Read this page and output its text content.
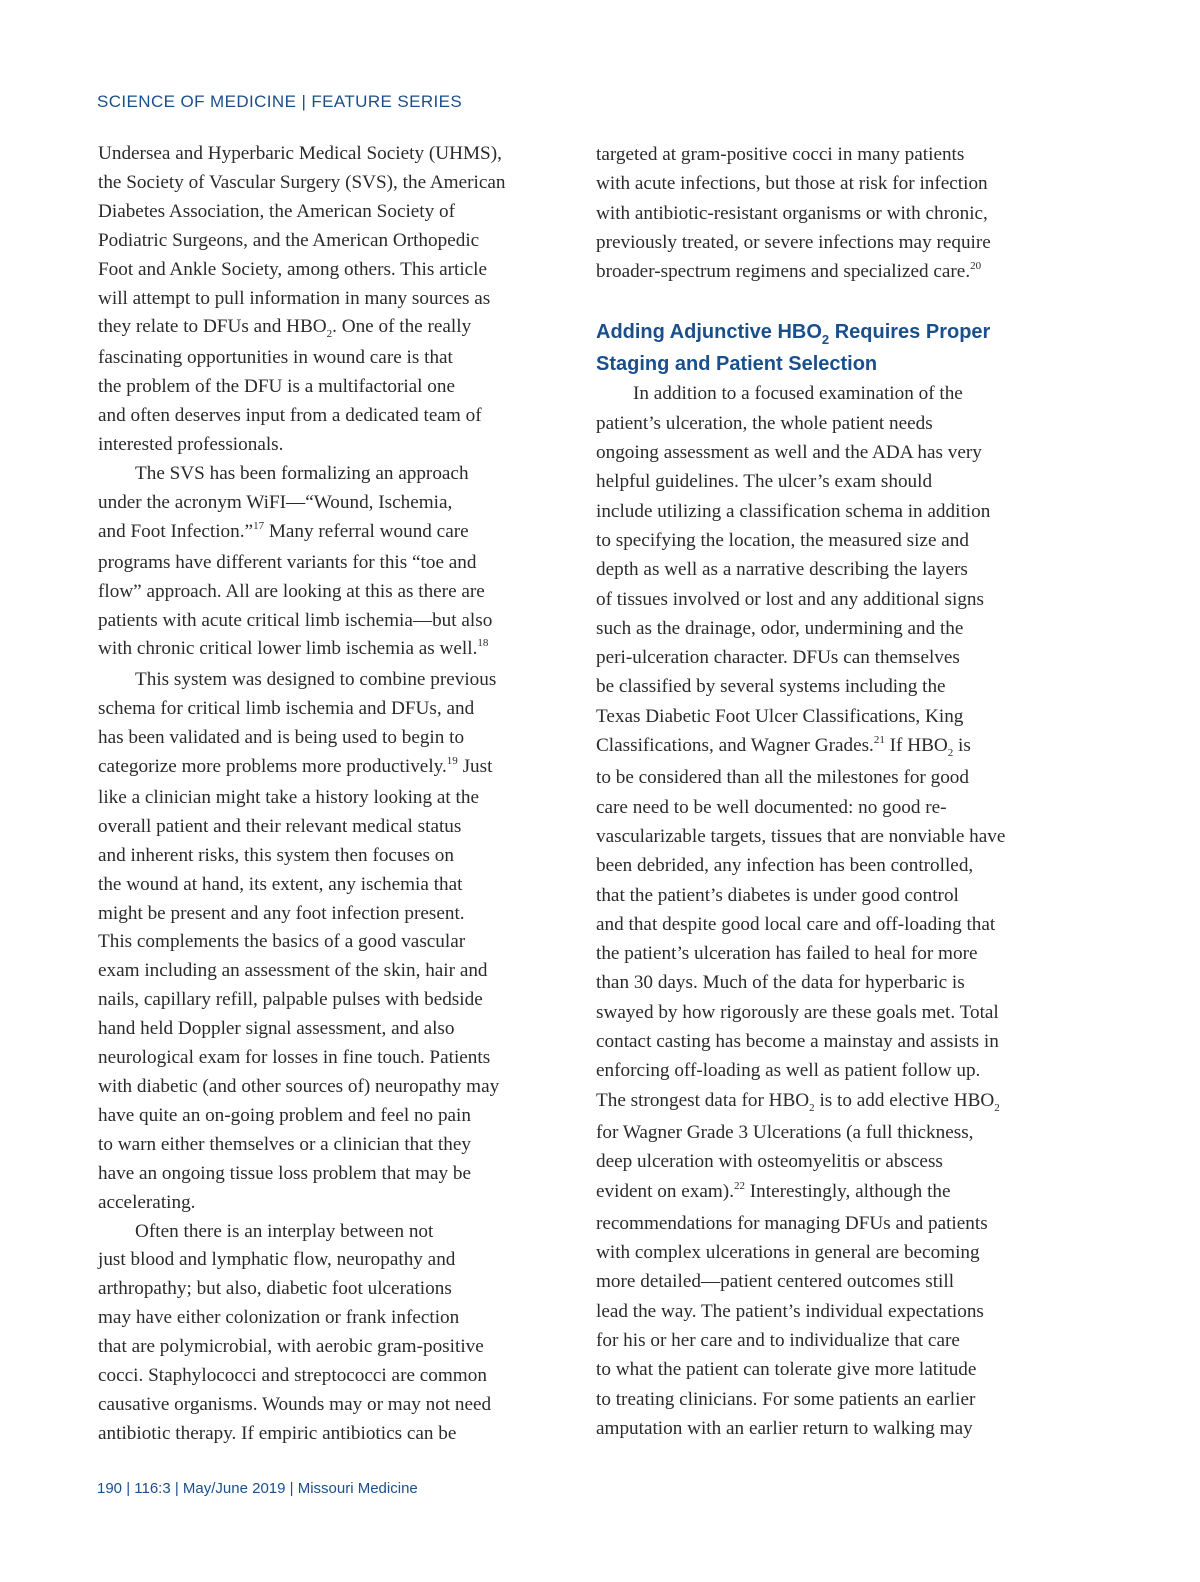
SCIENCE OF MEDICINE | FEATURE SERIES
Undersea and Hyperbaric Medical Society (UHMS),
the Society of Vascular Surgery (SVS), the American
Diabetes Association, the American Society of
Podiatric Surgeons, and the American Orthopedic
Foot and Ankle Society, among others. This article
will attempt to pull information in many sources as
they relate to DFUs and $HBO_2$. One of the really
fascinating opportunities in wound care is that
the problem of the DFU is a multifactorial one
and often deserves input from a dedicated team of
interested professionals.
The SVS has been formalizing an approach
under the acronym WiFI—“Wound, Ischemia,
and Foot Infection.”$^{17}$ Many referral wound care
programs have different variants for this “toe and
flow” approach. All are looking at this as there are
patients with acute critical limb ischemia—but also
with chronic critical lower limb ischemia as well.$^{18}$
This system was designed to combine previous
schema for critical limb ischemia and DFUs, and
has been validated and is being used to begin to
categorize more problems more productively.$^{19}$ Just
like a clinician might take a history looking at the
overall patient and their relevant medical status
and inherent risks, this system then focuses on
the wound at hand, its extent, any ischemia that
might be present and any foot infection present.
This complements the basics of a good vascular
exam including an assessment of the skin, hair and
nails, capillary refill, palpable pulses with bedside
hand held Doppler signal assessment, and also
neurological exam for losses in fine touch. Patients
with diabetic (and other sources of) neuropathy may
have quite an on-going problem and feel no pain
to warn either themselves or a clinician that they
have an ongoing tissue loss problem that may be
accelerating.
Often there is an interplay between not
just blood and lymphatic flow, neuropathy and
arthropathy; but also, diabetic foot ulcerations
may have either colonization or frank infection
that are polymicrobial, with aerobic gram-positive
cocci. Staphylococci and streptococci are common
causative organisms. Wounds may or may not need
antibiotic therapy. If empiric antibiotics can be
targeted at gram-positive cocci in many patients
with acute infections, but those at risk for infection
with antibiotic-resistant organisms or with chronic,
previously treated, or severe infections may require
broader-spectrum regimens and specialized care.$^{20}$
Adding Adjunctive $HBO_2$ Requires Proper
Staging and Patient Selection
In addition to a focused examination of the
patient’s ulceration, the whole patient needs
ongoing assessment as well and the ADA has very
helpful guidelines. The ulcer’s exam should
include utilizing a classification schema in addition
to specifying the location, the measured size and
depth as well as a narrative describing the layers
of tissues involved or lost and any additional signs
such as the drainage, odor, undermining and the
peri-ulceration character. DFUs can themselves
be classified by several systems including the
Texas Diabetic Foot Ulcer Classifications, King
Classifications, and Wagner Grades.$^{21}$ If $HBO_2$ is
to be considered than all the milestones for good
care need to be well documented: no good re-
vascularizable targets, tissues that are nonviable have
been debrided, any infection has been controlled,
that the patient’s diabetes is under good control
and that despite good local care and off-loading that
the patient’s ulceration has failed to heal for more
than 30 days. Much of the data for hyperbaric is
swayed by how rigorously are these goals met. Total
contact casting has become a mainstay and assists in
enforcing off-loading as well as patient follow up.
The strongest data for $HBO_2$ is to add elective $HBO_2$
for Wagner Grade 3 Ulcerations (a full thickness,
deep ulceration with osteomyelitis or abscess
evident on exam).$^{22}$ Interestingly, although the
recommendations for managing DFUs and patients
with complex ulcerations in general are becoming
more detailed—patient centered outcomes still
lead the way. The patient’s individual expectations
for his or her care and to individualize that care
to what the patient can tolerate give more latitude
to treating clinicians. For some patients an earlier
amputation with an earlier return to walking may
190 | 116:3 | May/June 2019 | Missouri Medicine
